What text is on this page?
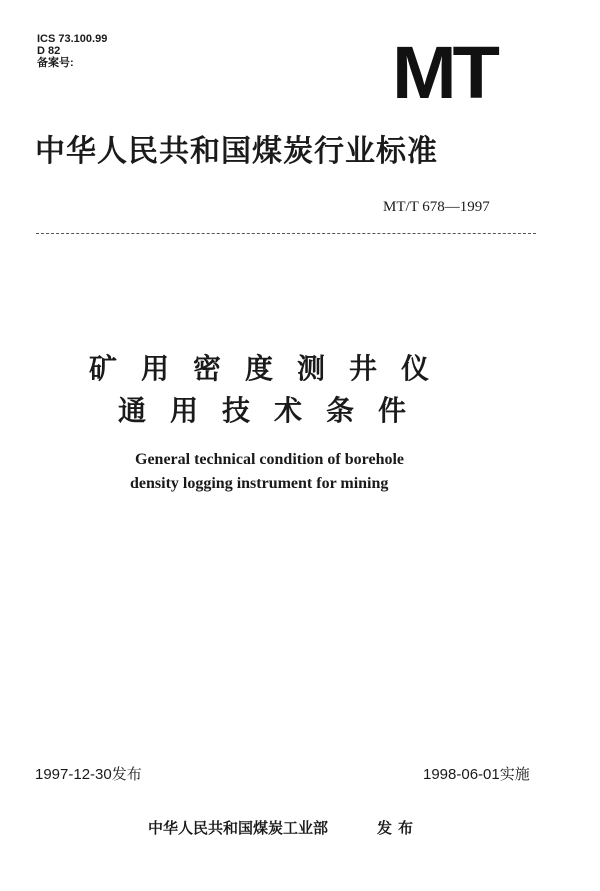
ICS 73.100.99
D 82
备案号:	MT
中华人民共和国煤炭行业标准
MT/T 678—1997
矿用密度测井仪
通用技术条件
General technical condition of borehole
density logging instrument for mining
1997-12-30发布	1998-06-01实施
中华人民共和国煤炭工业部	发布
